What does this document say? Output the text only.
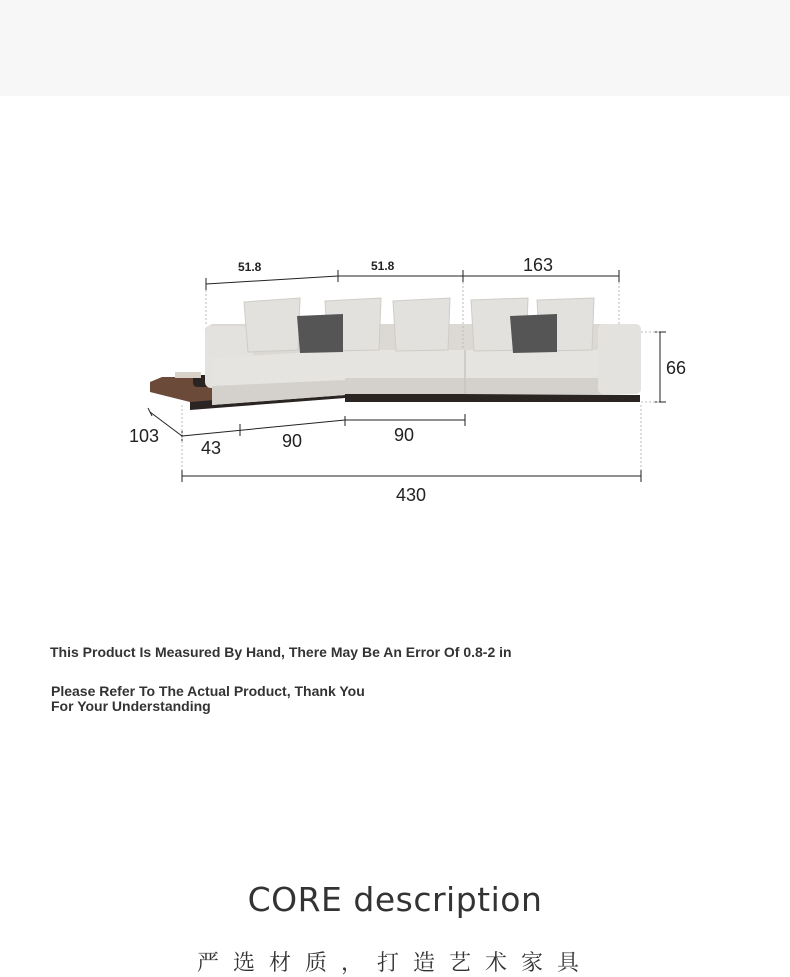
51.8	51.8	163
66
103
43	90	90
430
This Product Is Measured By Hand, There May Be An Error Of 0.8-2 in
Please Refer To The Actual Product, Thank You For Your Understanding
CORE description
严选材质，打造艺术家具
